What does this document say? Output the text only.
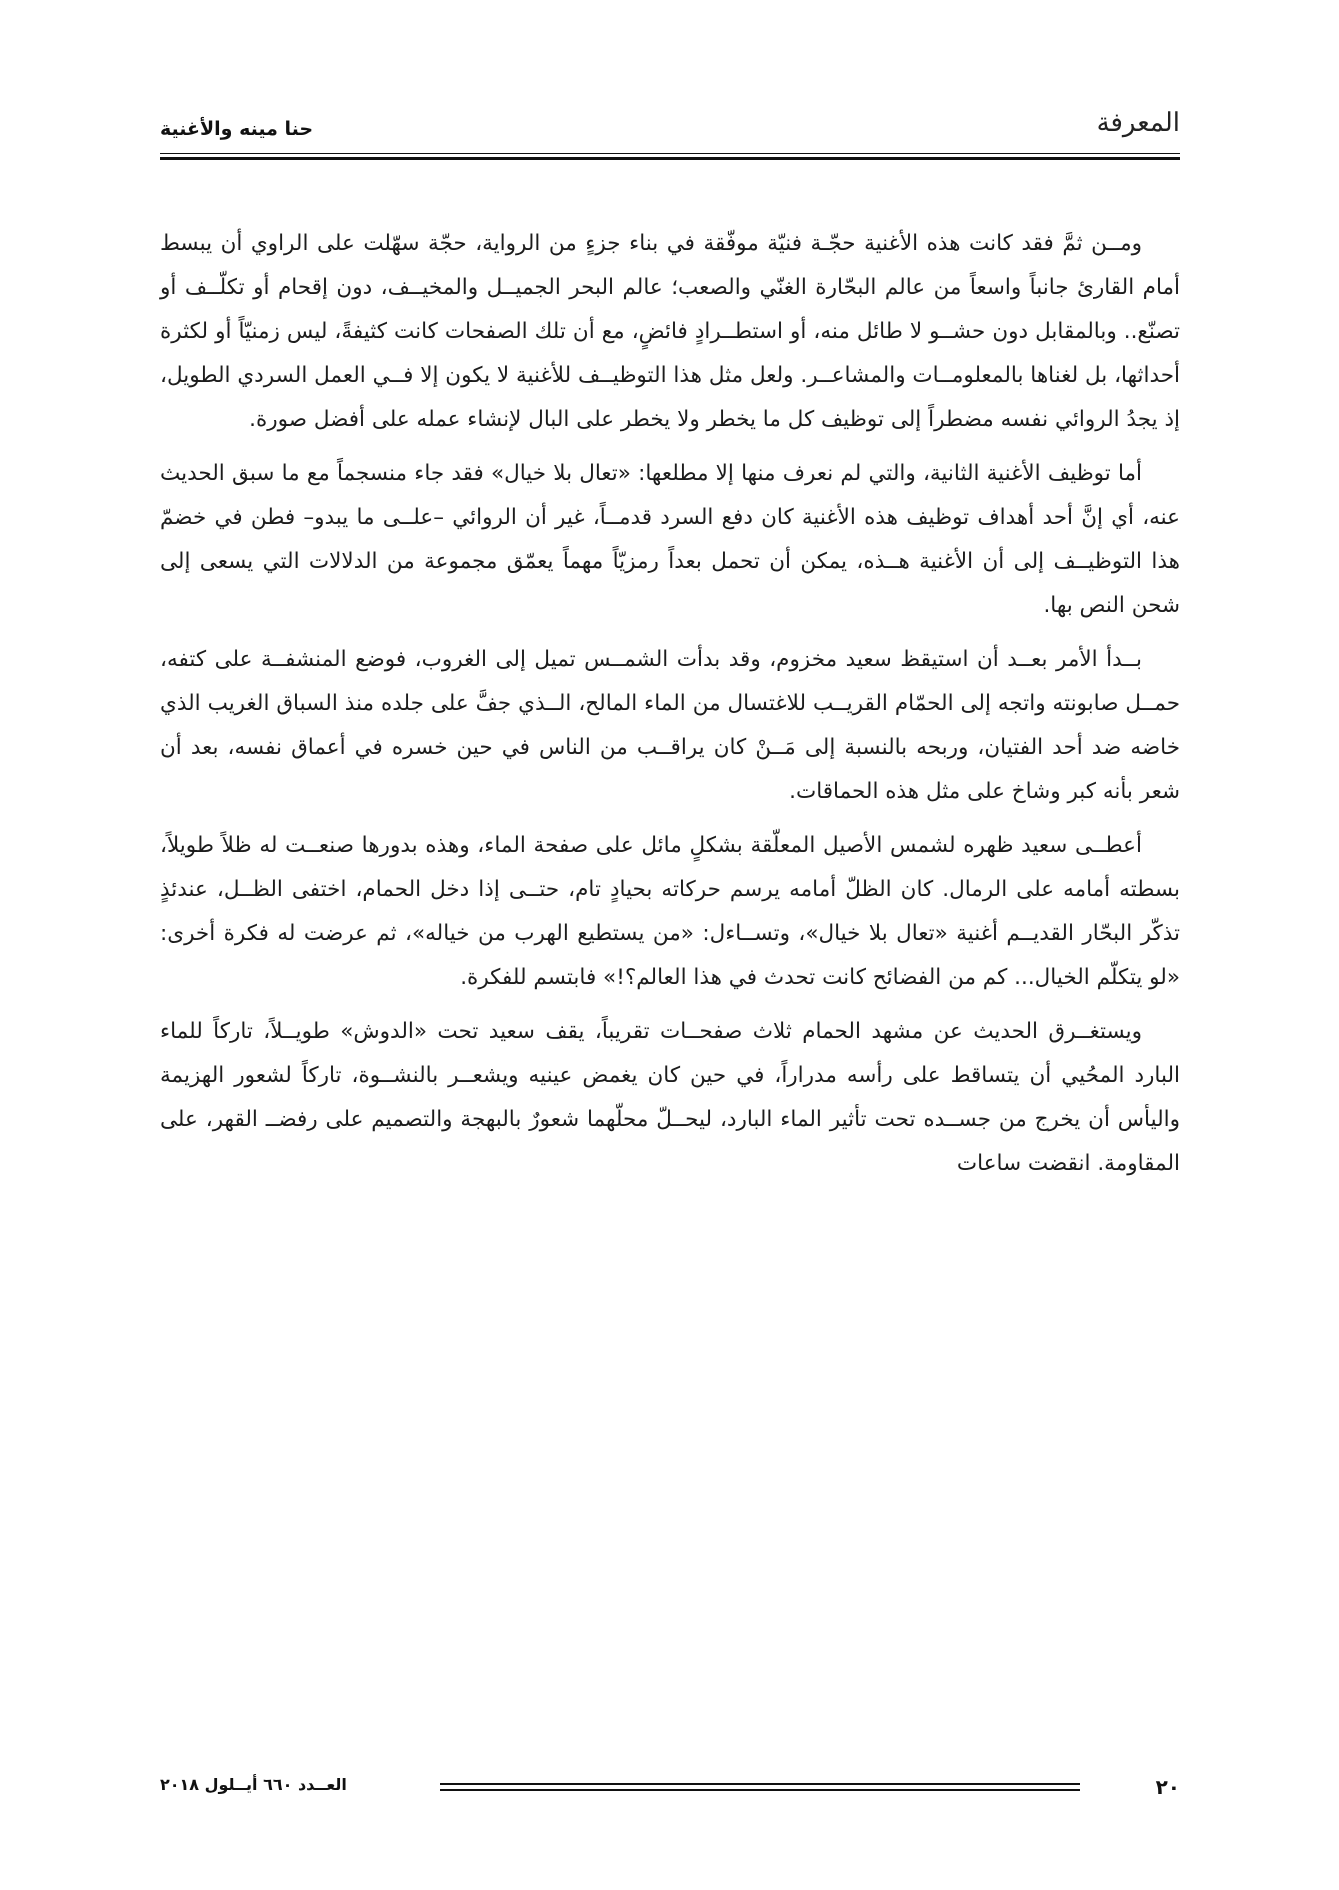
حنا مينه والأغنية	المعرفة

ومــن ثمَّ فقد كانت هذه الأغنية حجّـة فنيّة موفّقة في بناء جزءٍ من الرواية، حجّة سهّلت على الراوي أن يبسط أمام القارئ جانباً واسعاً من عالم البحّارة الغنّي والصعب؛ عالم البحر الجميــل والمخيــف، دون إقحام أو تكلّــف أو تصنّع.. وبالمقابل دون حشــو لا طائل منه، أو استطــرادٍ فائضٍ، مع أن تلك الصفحات كانت كثيفةً، ليس زمنيّاً أو لكثرة أحداثها، بل لغناها بالمعلومــات والمشاعــر. ولعل مثل هذا التوظيــف للأغنية لا يكون إلا فــي العمل السردي الطويل، إذ يجدُ الروائي نفسه مضطراً إلى توظيف كل ما يخطر ولا يخطر على البال لإنشاء عمله على أفضل صورة.

أما توظيف الأغنية الثانية، والتي لم نعرف منها إلا مطلعها: «تعال بلا خيال» فقد جاء منسجماً مع ما سبق الحديث عنه، أي إنَّ أحد أهداف توظيف هذه الأغنية كان دفع السرد قدمــاً، غير أن الروائي –علــى ما يبدو– فطن في خضمّ هذا التوظيــف إلى أن الأغنية هــذه، يمكن أن تحمل بعداً رمزيّاً مهماً يعمّق مجموعة من الدلالات التي يسعى إلى شحن النص بها.

بــدأ الأمر بعــد أن استيقظ سعيد مخزوم، وقد بدأت الشمــس تميل إلى الغروب، فوضع المنشفــة على كتفه، حمــل صابونته واتجه إلى الحمّام القريــب للاغتسال من الماء المالح، الــذي جفَّ على جلده منذ السباق الغريب الذي خاضه ضد أحد الفتيان، وربحه بالنسبة إلى مَــنْ كان يراقــب من الناس في حين خسره في أعماق نفسه، بعد أن شعر بأنه كبر وشاخ على مثل هذه الحماقات.

أعطــى سعيد ظهره لشمس الأصيل المعلّقة بشكلٍ مائل على صفحة الماء، وهذه بدورها صنعــت له ظلاً طويلاً، بسطته أمامه على الرمال. كان الظلّ أمامه يرسم حركاته بحيادٍ تام، حتــى إذا دخل الحمام، اختفى الظــل، عندئذٍ تذكّر البحّار القديــم أغنية «تعال بلا خيال»، وتســاءل: «من يستطيع الهرب من خياله»، ثم عرضت له فكرة أخرى: «لو يتكلّم الخيال... كم من الفضائح كانت تحدث في هذا العالم؟!» فابتسم للفكرة.

ويستغــرق الحديث عن مشهد الحمام ثلاث صفحــات تقريباً، يقف سعيد تحت «الدوش» طويــلاً، تاركاً للماء البارد المحُيي أن يتساقط على رأسه مدراراً، في حين كان يغمض عينيه ويشعــر بالنشــوة، تاركاً لشعور الهزيمة واليأس أن يخرج من جســده تحت تأثير الماء البارد، ليحــلّ محلّهما شعورٌ بالبهجة والتصميم على رفضــ القهر، على المقاومة. انقضت ساعات

٢٠
العــدد ٦٦٠ أيــلول ٢٠١٨
